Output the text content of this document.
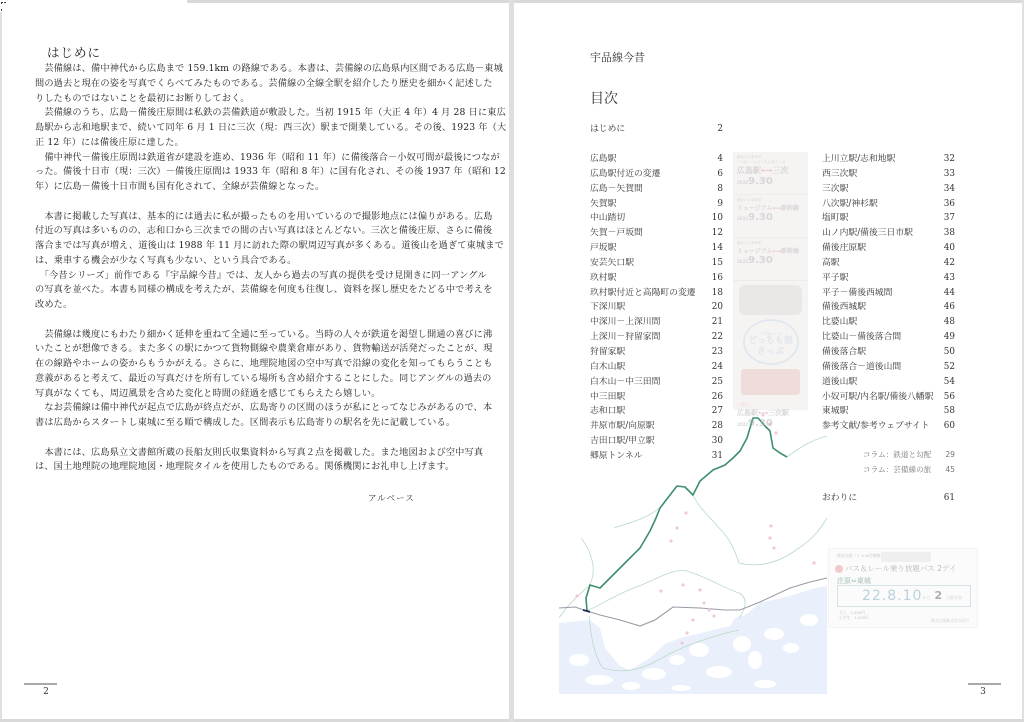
はじめに
　芸備線は、備中神代から広島まで 159.1km の路線である。本書は、芸備線の広島県内区間である広島－東城
間の過去と現在の姿を写真でくらべてみたものである。芸備線の全線全駅を紹介したり歴史を細かく記述した
りしたものではないことを最初にお断りしておく。
　芸備線のうち、広島－備後庄原間は私鉄の芸備鉄道が敷設した。当初 1915 年（大正 4 年）4 月 28 日に東広
島駅から志和地駅まで、続いて同年 6 月 1 日に三次（現：西三次）駅まで開業している。その後、1923 年（大
正 12 年）には備後庄原に達した。
　備中神代－備後庄原間は鉄道省が建設を進め、1936 年（昭和 11 年）に備後落合－小奴可間が最後につなが
った。備後十日市（現：三次）－備後庄原間は 1933 年（昭和 8 年）に国有化され、その後 1937 年（昭和 12
年）に広島－備後十日市間も国有化されて、全線が芸備線となった。
　本書に掲載した写真は、基本的には過去に私が撮ったものを用いているので撮影地点には偏りがある。広島
付近の写真は多いものの、志和口から三次までの間の古い写真はほとんどない。三次と備後庄原、さらに備後
落合までは写真が増え、道後山は 1988 年 11 月に訪れた際の駅周辺写真が多くある。道後山を過ぎて東城まで
は、乗車する機会が少なく写真も少ない、という具合である。
　「今昔シリーズ」前作である『宇品線今昔』では、友人から過去の写真の提供を受け見開きに同一アングル
の写真を並べた。本書も同様の構成を考えたが、芸備線を何度も往復し、資料を探し歴史をたどる中で考えを
改めた。
　芸備線は幾度にもわたり細かく延伸を重ねて全通に至っている。当時の人々が鉄道を渇望し開通の喜びに沸
いたことが想像できる。また多くの駅にかつて貨物側線や農業倉庫があり、貨物輸送が活発だったことが、現
在の線路やホームの姿からもうかがえる。さらに、地理院地図の空中写真で沿線の変化を知ってもらうことも
意義があると考えて、最近の写真だけを所有している場所も含め紹介することにした。同じアングルの過去の
写真がなくても、周辺風景を含めた変化と時間の経過を感じてもらえたら嬉しい。
　なお芸備線は備中神代が起点で広島が終点だが、広島寄りの区間のほうが私にとってなじみがあるので、本
書は広島からスタートし東城に至る順で構成した。区間表示も広島寄りの駅名を先に記載している。
　本書には、広島県立文書館所蔵の長船友則氏収集資料から写真２点を掲載した。また地図および空中写真
は、国土地理院の地理院地図・地理院タイルを使用したものである。関係機関にお礼申し上げます。
アルベース
2
備北バス乗車券
バス&レールどっちも割きっぷ
広島駅⟷三次
20229.30
備北バス乗車券
ミュージアム⟷新幹線
20229.30
備北バス乗車券
ミュージアム⟷新幹線
20229.30
バス&レール
どっちも割きっぷ
ご案内
広島駅⟷三次駅
20229.30
備北交通バス × JR芸備線
バス＆レール乗り放題パス 2デイ
庄原⇔東城
22.8.10 から 2 日間有効
大人　2,000円
小学生　1,000円
備北交通株式会社発行
宇品線今昔
目次
はじめに	2
広島駅	4
広島駅付近の変遷	6
広島－矢賀間	8
矢賀駅	9
中山踏切	10
矢賀－戸坂間	12
戸坂駅	14
安芸矢口駅	15
玖村駅	16
玖村駅付近と高陽町の変遷 18
下深川駅	20
中深川－上深川間	21
上深川－狩留家間	22
狩留家駅	23
白木山駅	24
白木山－中三田間	25
中三田駅	26
志和口駅	27
井原市駅/向原駅	28
吉田口駅/甲立駅	30
郷原トンネル	31
上川立駅/志和地駅	32
西三次駅	33
三次駅	34
八次駅/神杉駅	36
塩町駅	37
山ノ内駅/備後三日市駅	38
備後庄原駅	40
高駅	42
平子駅	43
平子－備後西城間	44
備後西城駅	46
比婆山駅	48
比婆山－備後落合間	49
備後落合駅	50
備後落合－道後山間	52
道後山駅	54
小奴可駅/内名駅/備後八幡駅 56
東城駅	58
参考文献/参考ウェブサイト 60
コラム：鉄道と勾配 29
コラム：芸備線の旅 45
おわりに	61
3
